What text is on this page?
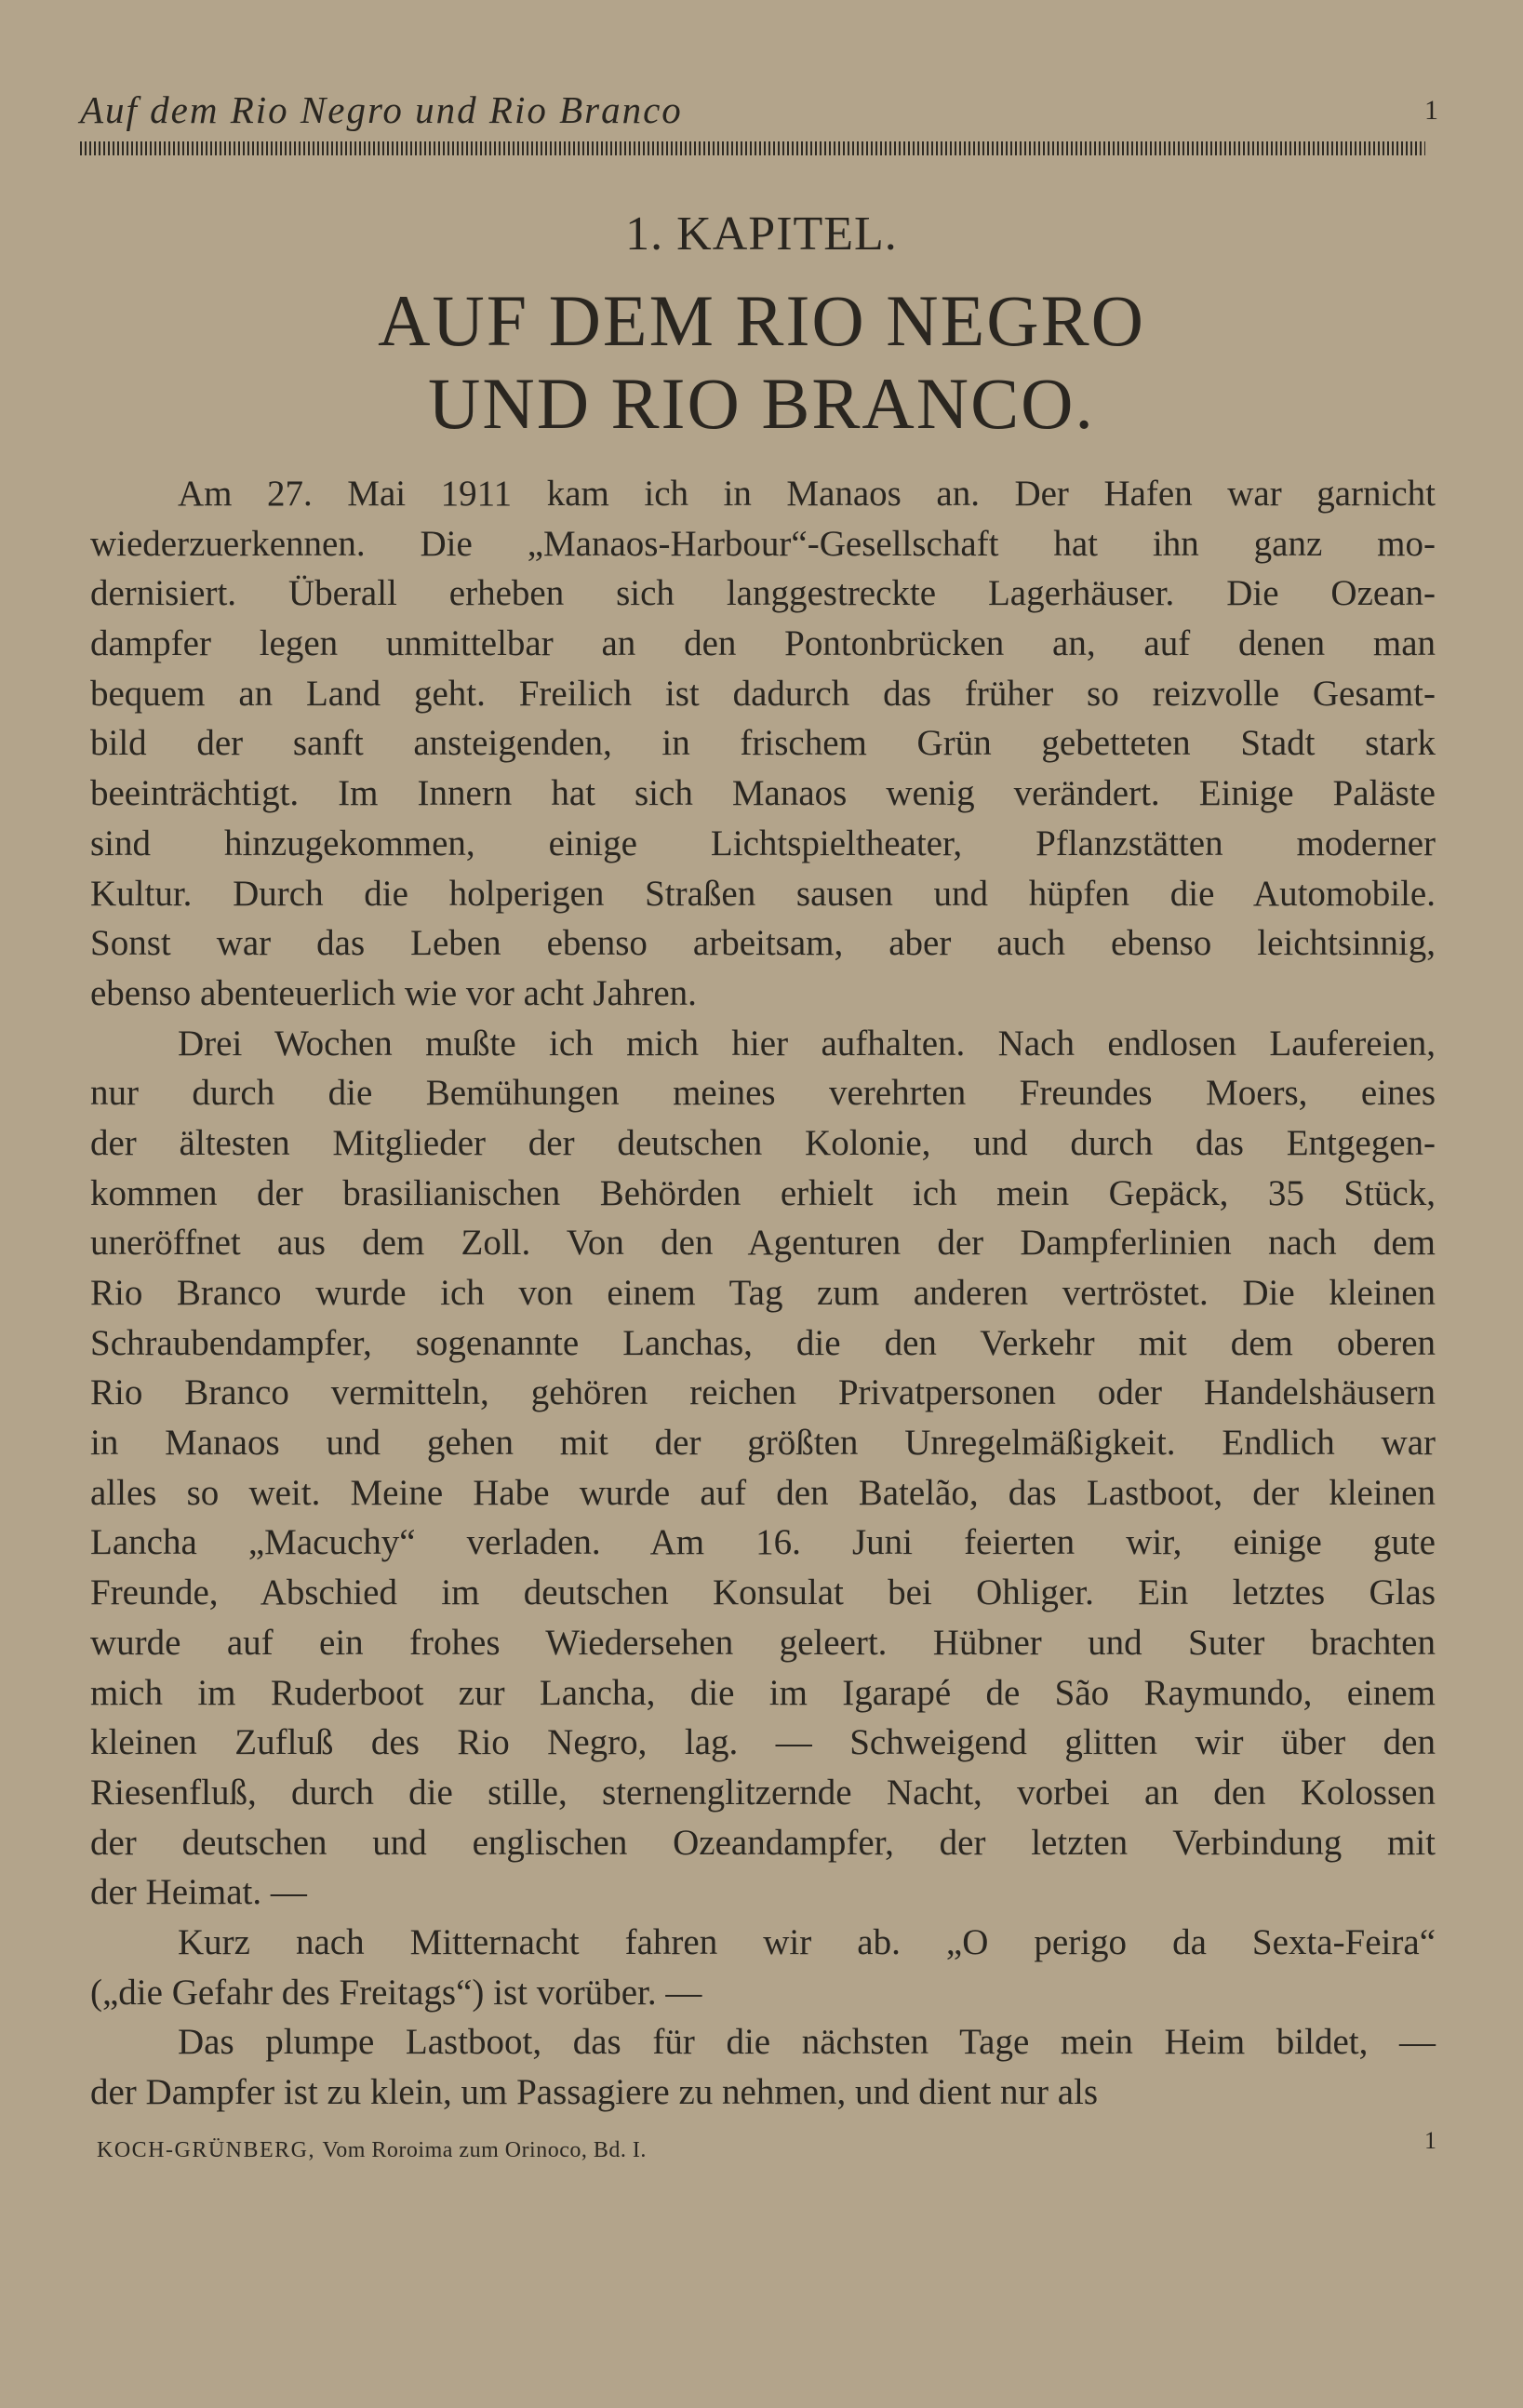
Auf dem Rio Negro und Rio Branco	1
1. KAPITEL.
AUF DEM RIO NEGRO
UND RIO BRANCO.
Am 27. Mai 1911 kam ich in Manaos an. Der Hafen war garnicht
wiederzuerkennen. Die „Manaos-Harbour“-Gesellschaft hat ihn ganz mo-
dernisiert. Überall erheben sich langgestreckte Lagerhäuser. Die Ozean-
dampfer legen unmittelbar an den Pontonbrücken an, auf denen man
bequem an Land geht. Freilich ist dadurch das früher so reizvolle Gesamt-
bild der sanft ansteigenden, in frischem Grün gebetteten Stadt stark
beeinträchtigt. Im Innern hat sich Manaos wenig verändert. Einige Paläste
sind hinzugekommen, einige Lichtspieltheater, Pflanzstätten moderner
Kultur. Durch die holperigen Straßen sausen und hüpfen die Automobile.
Sonst war das Leben ebenso arbeitsam, aber auch ebenso leichtsinnig,
ebenso abenteuerlich wie vor acht Jahren.
Drei Wochen mußte ich mich hier aufhalten. Nach endlosen Laufereien,
nur durch die Bemühungen meines verehrten Freundes Moers, eines
der ältesten Mitglieder der deutschen Kolonie, und durch das Entgegen-
kommen der brasilianischen Behörden erhielt ich mein Gepäck, 35 Stück,
uneröffnet aus dem Zoll. Von den Agenturen der Dampferlinien nach dem
Rio Branco wurde ich von einem Tag zum anderen vertröstet. Die kleinen
Schraubendampfer, sogenannte Lanchas, die den Verkehr mit dem oberen
Rio Branco vermitteln, gehören reichen Privatpersonen oder Handelshäusern
in Manaos und gehen mit der größten Unregelmäßigkeit. Endlich war
alles so weit. Meine Habe wurde auf den Batelão, das Lastboot, der kleinen
Lancha „Macuchy“ verladen. Am 16. Juni feierten wir, einige gute
Freunde, Abschied im deutschen Konsulat bei Ohliger. Ein letztes Glas
wurde auf ein frohes Wiedersehen geleert. Hübner und Suter brachten
mich im Ruderboot zur Lancha, die im Igarapé de São Raymundo, einem
kleinen Zufluß des Rio Negro, lag. — Schweigend glitten wir über den
Riesenfluß, durch die stille, sternenglitzernde Nacht, vorbei an den Kolossen
der deutschen und englischen Ozeandampfer, der letzten Verbindung mit
der Heimat. —
Kurz nach Mitternacht fahren wir ab. „O perigo da Sexta-Feira“
(„die Gefahr des Freitags“) ist vorüber. —
Das plumpe Lastboot, das für die nächsten Tage mein Heim bildet, —
der Dampfer ist zu klein, um Passagiere zu nehmen, und dient nur als
KOCH-GRÜNBERG, Vom Roroima zum Orinoco, Bd. I.	1
